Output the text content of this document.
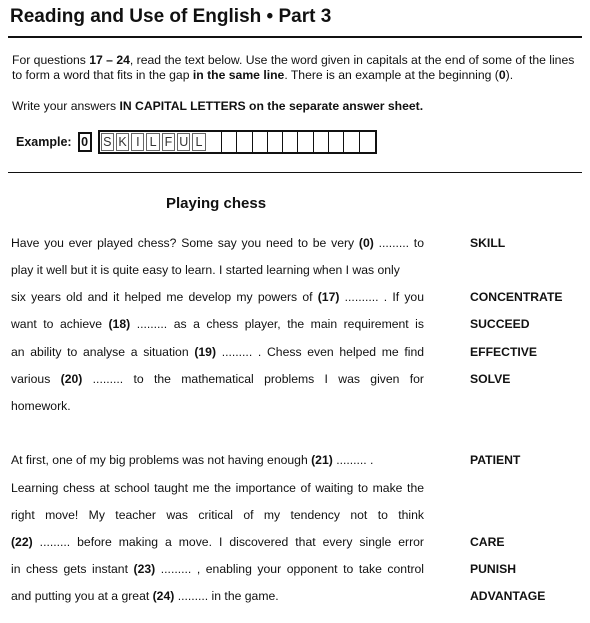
Reading and Use of English • Part 3
For questions 17 – 24, read the text below. Use the word given in capitals at the end of some of the lines to form a word that fits in the gap in the same line. There is an example at the beginning (0).
Write your answers IN CAPITAL LETTERS on the separate answer sheet.
Example: 0 S K I L F U L
Playing chess
Have you ever played chess? Some say you need to be very (0) ......... to
play it well but it is quite easy to learn. I started learning when I was only
six years old and it helped me develop my powers of (17) .......... . If you
want to achieve (18) ......... as a chess player, the main requirement is
an ability to analyse a situation (19) ......... . Chess even helped me find
various (20) ......... to the mathematical problems I was given for
homework.
At first, one of my big problems was not having enough (21) ......... .
Learning chess at school taught me the importance of waiting to make the
right move! My teacher was critical of my tendency not to think
(22) ......... before making a move. I discovered that every single error
in chess gets instant (23) ......... , enabling your opponent to take control
and putting you at a great (24) ......... in the game.
SKILL
CONCENTRATE
SUCCEED
EFFECTIVE
SOLVE
PATIENT
CARE
PUNISH
ADVANTAGE
